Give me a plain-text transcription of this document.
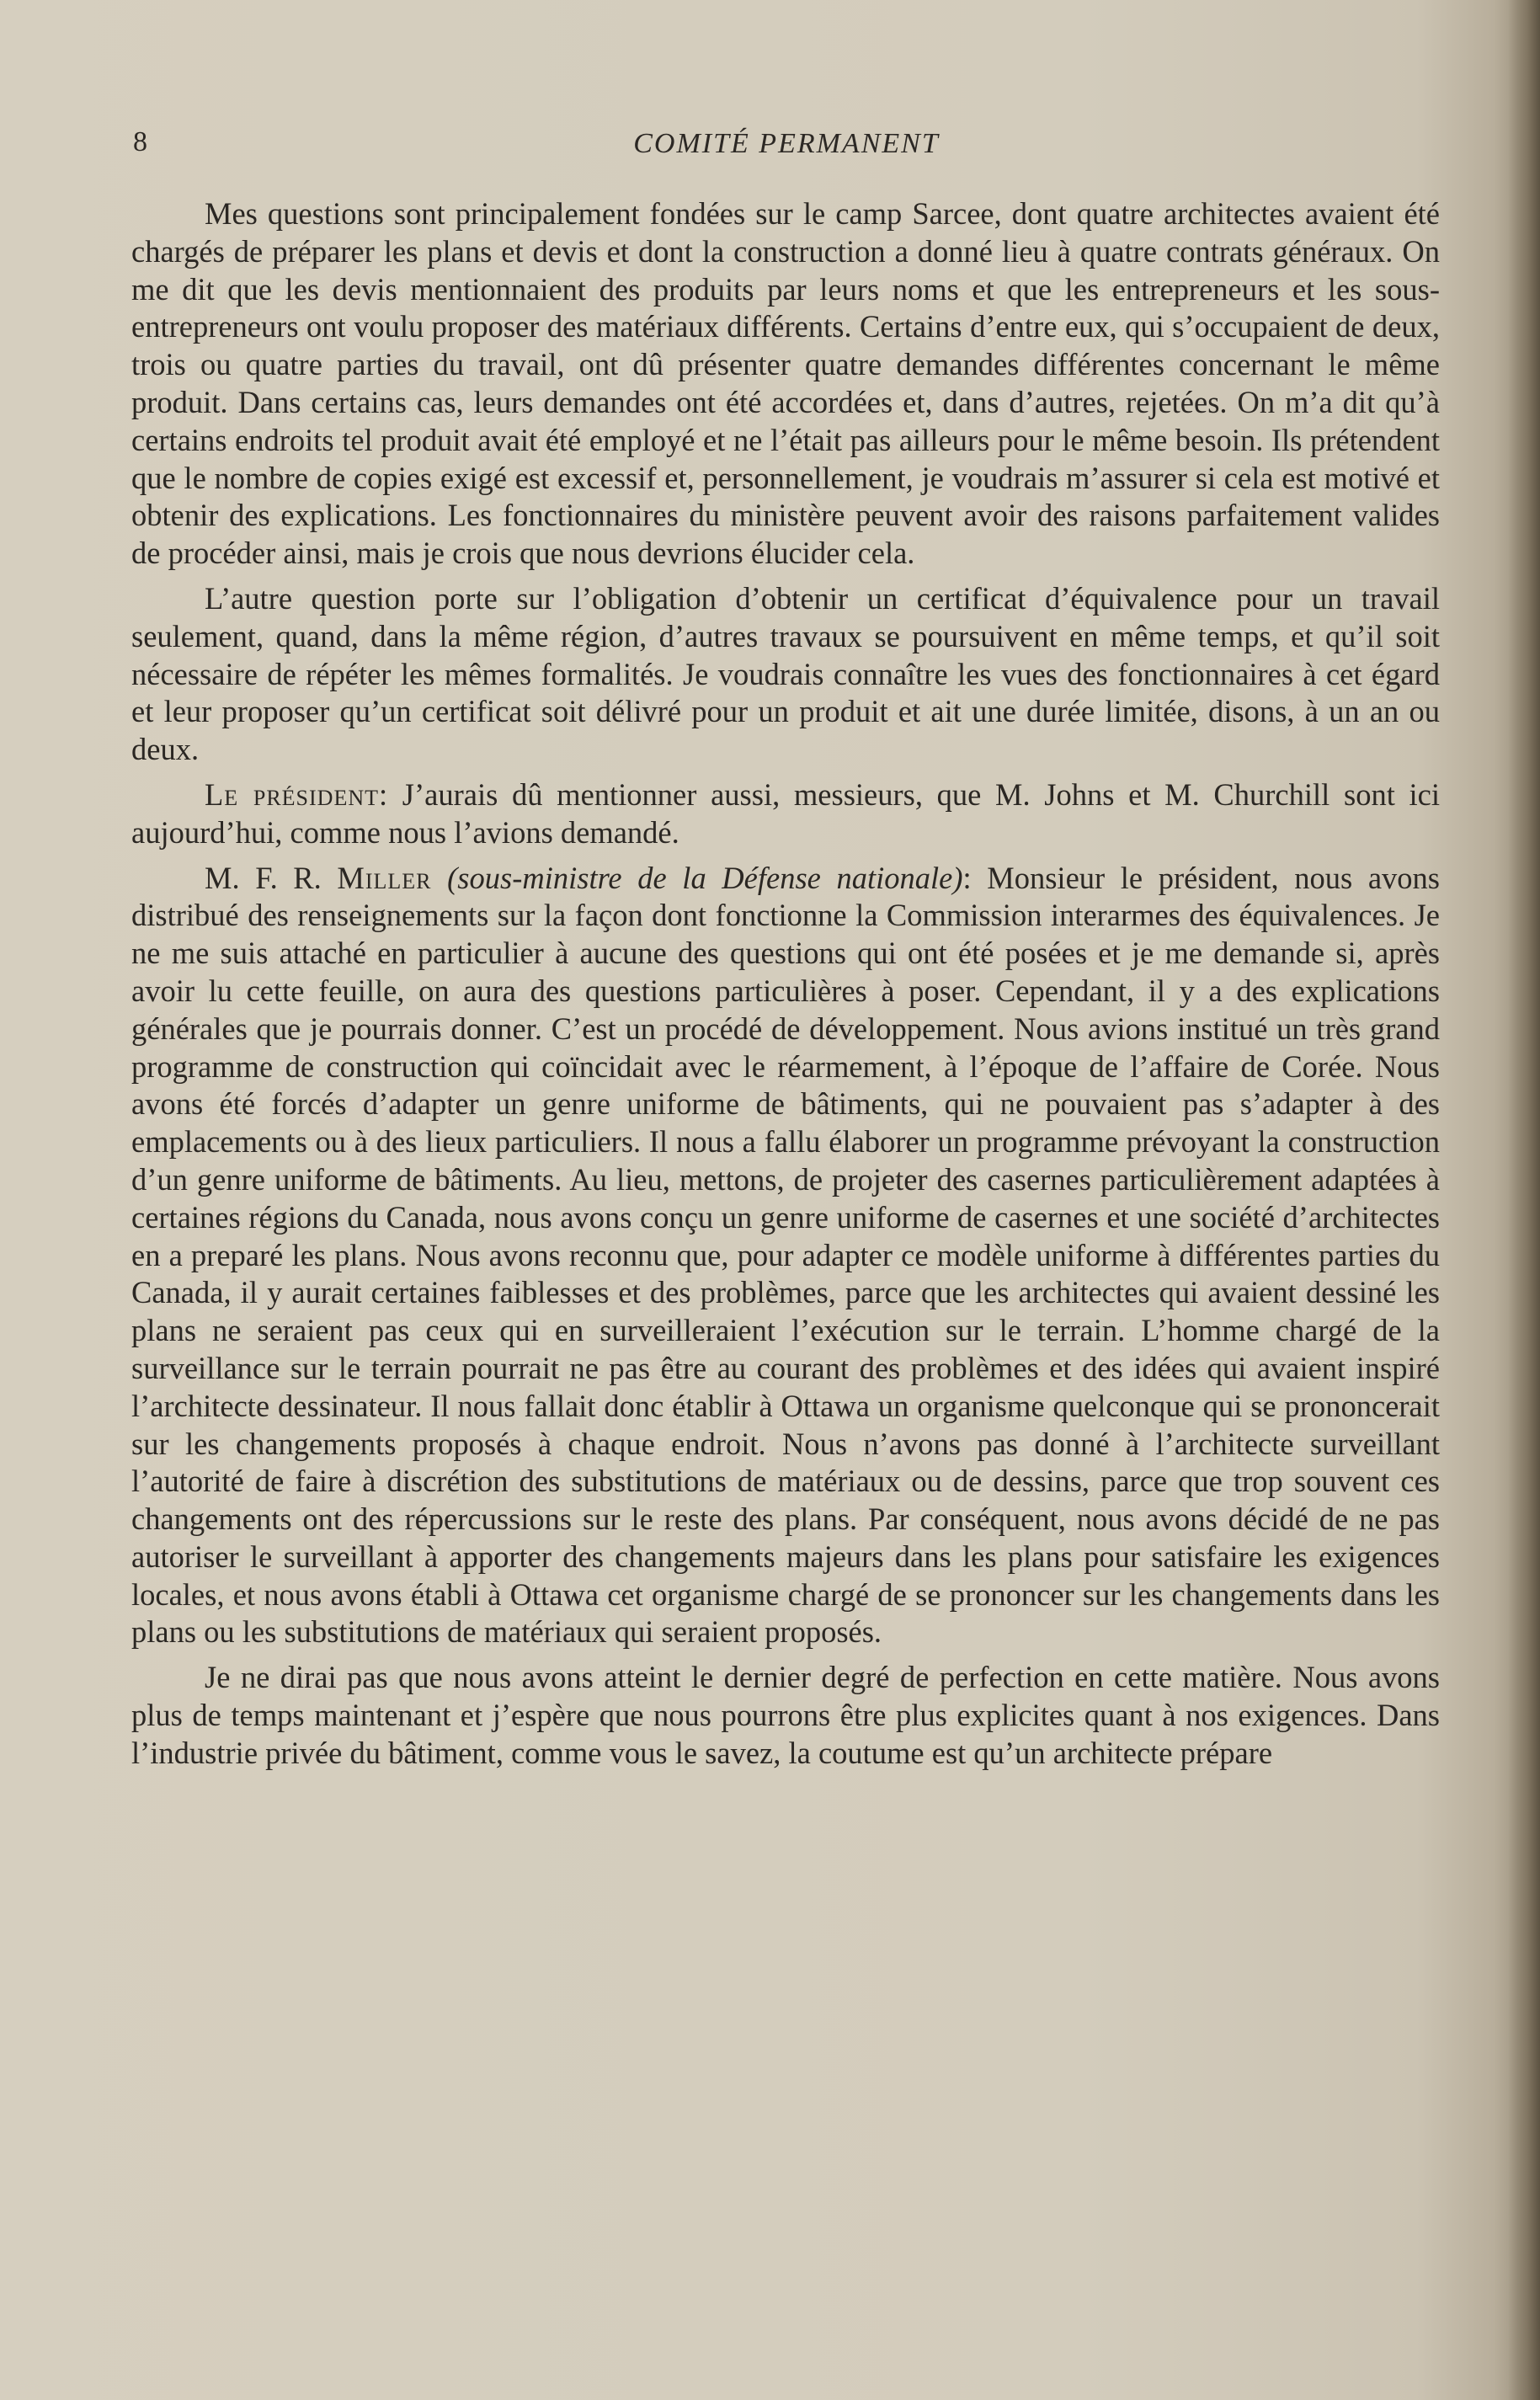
8	COMITÉ PERMANENT

Mes questions sont principalement fondées sur le camp Sarcee, dont quatre architectes avaient été chargés de préparer les plans et devis et dont la construction a donné lieu à quatre contrats généraux. On me dit que les devis mentionnaient des produits par leurs noms et que les entrepreneurs et les sous-entrepreneurs ont voulu proposer des matériaux différents. Certains d’entre eux, qui s’occupaient de deux, trois ou quatre parties du travail, ont dû présenter quatre demandes différentes concernant le même produit. Dans certains cas, leurs demandes ont été accordées et, dans d’autres, rejetées. On m’a dit qu’à certains endroits tel produit avait été employé et ne l’était pas ailleurs pour le même besoin. Ils prétendent que le nombre de copies exigé est excessif et, personnellement, je voudrais m’assurer si cela est motivé et obtenir des explications. Les fonctionnaires du ministère peuvent avoir des raisons parfaitement valides de procéder ainsi, mais je crois que nous devrions élucider cela.

L’autre question porte sur l’obligation d’obtenir un certificat d’équivalence pour un travail seulement, quand, dans la même région, d’autres travaux se poursuivent en même temps, et qu’il soit nécessaire de répéter les mêmes formalités. Je voudrais connaître les vues des fonctionnaires à cet égard et leur proposer qu’un certificat soit délivré pour un produit et ait une durée limitée, disons, à un an ou deux.

Le président: J’aurais dû mentionner aussi, messieurs, que M. Johns et M. Churchill sont ici aujourd’hui, comme nous l’avions demandé.

M. F. R. Miller (sous-ministre de la Défense nationale): Monsieur le président, nous avons distribué des renseignements sur la façon dont fonctionne la Commission interarmes des équivalences. Je ne me suis attaché en particulier à aucune des questions qui ont été posées et je me demande si, après avoir lu cette feuille, on aura des questions particulières à poser. Cependant, il y a des explications générales que je pourrais donner. C’est un procédé de développement. Nous avions institué un très grand programme de construction qui coïncidait avec le réarmement, à l’époque de l’affaire de Corée. Nous avons été forcés d’adapter un genre uniforme de bâtiments, qui ne pouvaient pas s’adapter à des emplacements ou à des lieux particuliers. Il nous a fallu élaborer un programme prévoyant la construction d’un genre uniforme de bâtiments. Au lieu, mettons, de projeter des casernes particulièrement adaptées à certaines régions du Canada, nous avons conçu un genre uniforme de casernes et une société d’architectes en a preparé les plans. Nous avons reconnu que, pour adapter ce modèle uniforme à différentes parties du Canada, il y aurait certaines faiblesses et des problèmes, parce que les architectes qui avaient dessiné les plans ne seraient pas ceux qui en surveilleraient l’exécution sur le terrain. L’homme chargé de la surveillance sur le terrain pourrait ne pas être au courant des problèmes et des idées qui avaient inspiré l’architecte dessinateur. Il nous fallait donc établir à Ottawa un organisme quelconque qui se prononcerait sur les changements proposés à chaque endroit. Nous n’avons pas donné à l’architecte surveillant l’autorité de faire à discrétion des substitutions de matériaux ou de dessins, parce que trop souvent ces changements ont des répercussions sur le reste des plans. Par conséquent, nous avons décidé de ne pas autoriser le surveillant à apporter des changements majeurs dans les plans pour satisfaire les exigences locales, et nous avons établi à Ottawa cet organisme chargé de se prononcer sur les changements dans les plans ou les substitutions de matériaux qui seraient proposés.

Je ne dirai pas que nous avons atteint le dernier degré de perfection en cette matière. Nous avons plus de temps maintenant et j’espère que nous pourrons être plus explicites quant à nos exigences. Dans l’industrie privée du bâtiment, comme vous le savez, la coutume est qu’un architecte prépare
